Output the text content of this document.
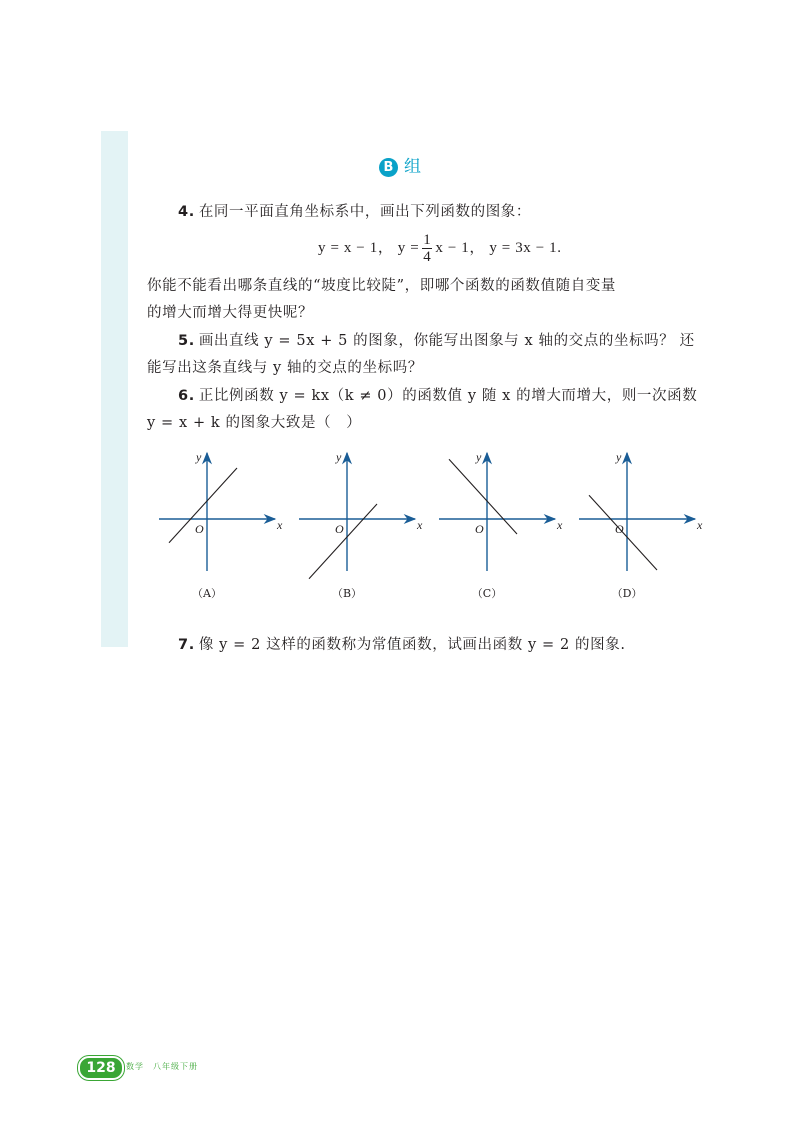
B 组
4. 在同一平面直角坐标系中，画出下列函数的图象：
y = x − 1， $y = \frac{1}{4}$ x − 1， y = 3x − 1.
你能不能看出哪条直线的“坡度比较陡”，即哪个函数的函数值随自变量
的增大而增大得更快呢？
5. 画出直线 y = 5x + 5 的图象，你能写出图象与 x 轴的交点的坐标吗？ 还
能写出这条直线与 y 轴的交点的坐标吗？
6. 正比例函数 y = kx（k ≠ 0）的函数值 y 随 x 的增大而增大，则一次函数
y = x + k 的图象大致是（　）
x
y
O
（A）
x
y
O
（B）
x
y
O
（C）
x
y
O
（D）
7. 像 y = 2 这样的函数称为常值函数，试画出函数 y = 2 的图象.
128	数学　八年级下册
